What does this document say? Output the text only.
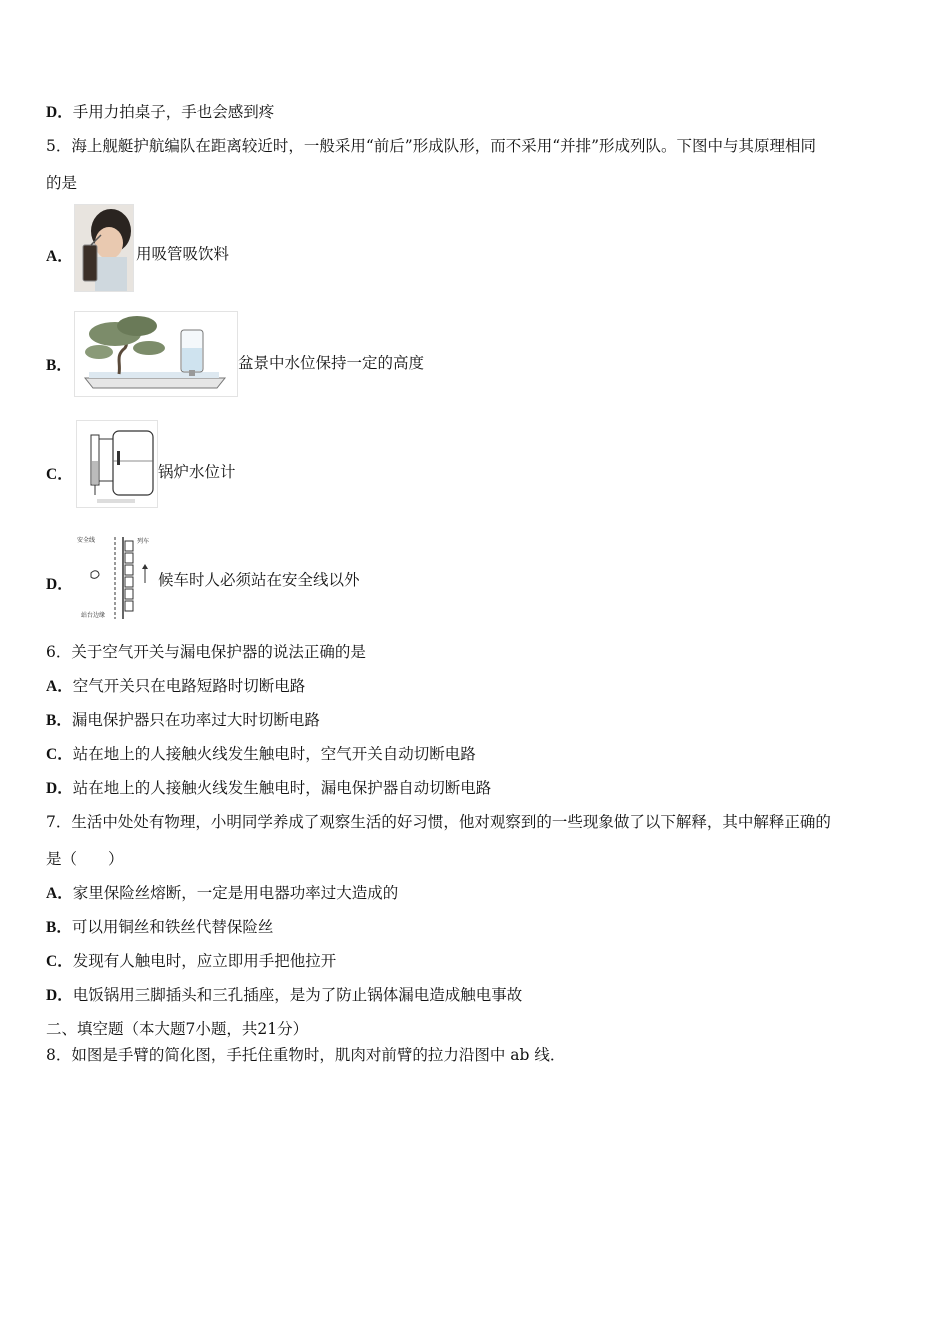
D．手用力拍桌子，手也会感到疼
5．海上舰艇护航编队在距离较近时，一般采用“前后”形成队形，而不采用“并排”形成列队。下图中与其原理相同
的是
A．	用吸管吸饮料
B．	盆景中水位保持一定的高度
C．	锅炉水位计
D．
安全线	列车
站台边缘
候车时人必须站在安全线以外
6．关于空气开关与漏电保护器的说法正确的是
A．空气开关只在电路短路时切断电路
B．漏电保护器只在功率过大时切断电路
C．站在地上的人接触火线发生触电时，空气开关自动切断电路
D．站在地上的人接触火线发生触电时，漏电保护器自动切断电路
7．生活中处处有物理，小明同学养成了观察生活的好习惯，他对观察到的一些现象做了以下解释，其中解释正确的
是（　　）
A．家里保险丝熔断，一定是用电器功率过大造成的
B．可以用铜丝和铁丝代替保险丝
C．发现有人触电时，应立即用手把他拉开
D．电饭锅用三脚插头和三孔插座，是为了防止锅体漏电造成触电事故
二、填空题（本大题7小题，共21分）
8．如图是手臂的简化图，手托住重物时，肌肉对前臂的拉力沿图中 ab 线．
